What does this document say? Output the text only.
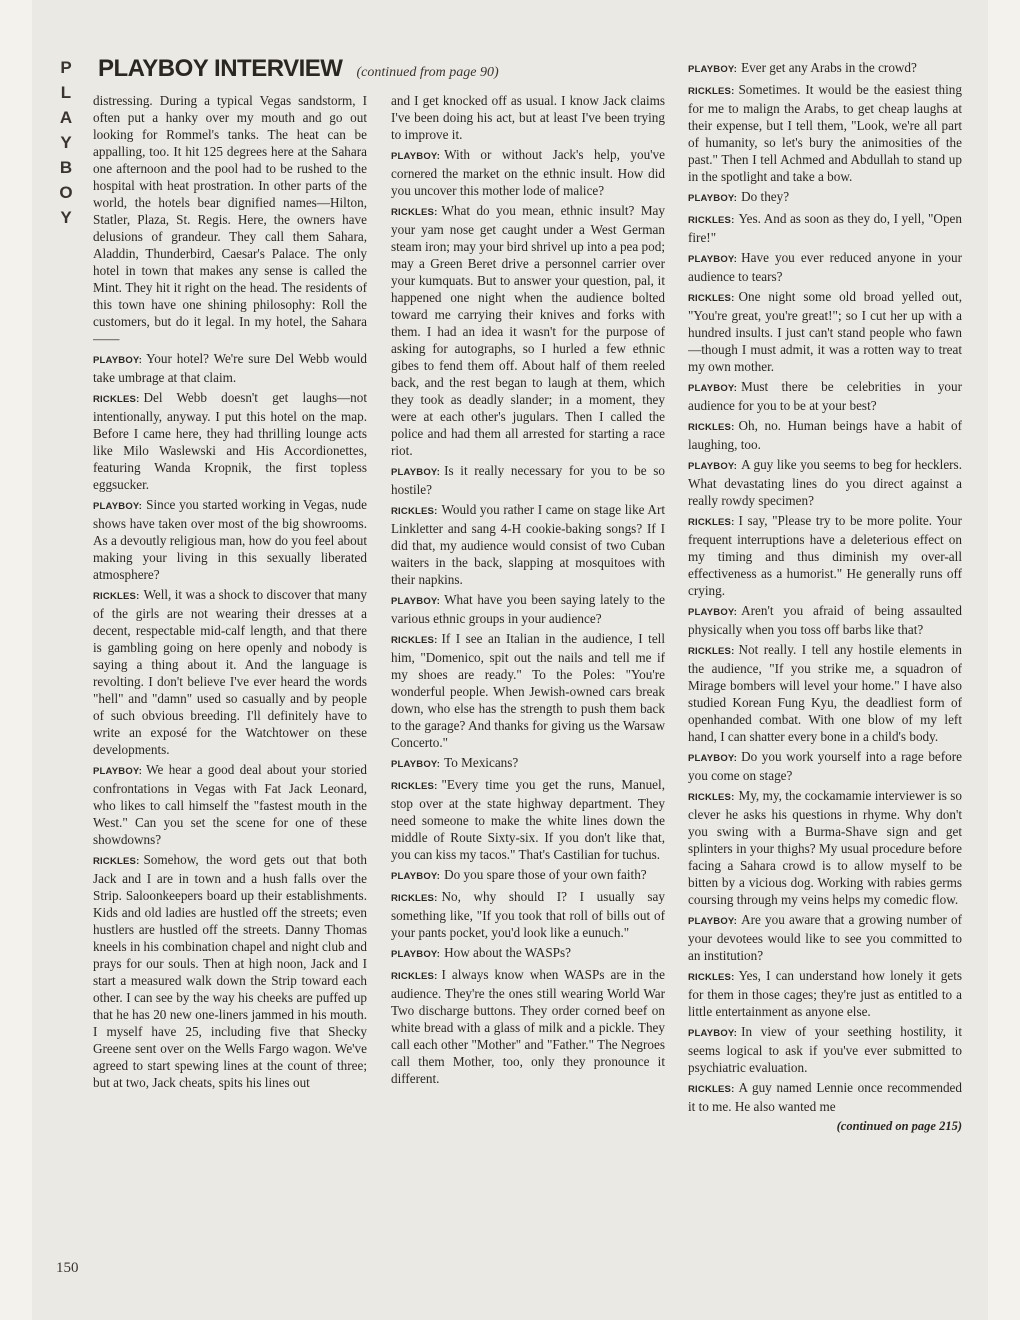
P
L
A
Y
B
O
Y
PLAYBOY INTERVIEW (continued from page 90)

distressing. During a typical Vegas sandstorm, I often put a hanky over my mouth and go out looking for Rommel's tanks. The heat can be appalling, too. It hit 125 degrees here at the Sahara one afternoon and the pool had to be rushed to the hospital with heat prostration. In other parts of the world, the hotels bear dignified names—Hilton, Statler, Plaza, St. Regis. Here, the owners have delusions of grandeur. They call them Sahara, Aladdin, Thunderbird, Caesar's Palace. The only hotel in town that makes any sense is called the Mint. They hit it right on the head. The residents of this town have one shining philosophy: Roll the customers, but do it legal. In my hotel, the Sahara——

PLAYBOY: Your hotel? We're sure Del Webb would take umbrage at that claim.

RICKLES: Del Webb doesn't get laughs—not intentionally, anyway. I put this hotel on the map. Before I came here, they had thrilling lounge acts like Milo Waslewski and His Accordionettes, featuring Wanda Kropnik, the first topless eggsucker.

PLAYBOY: Since you started working in Vegas, nude shows have taken over most of the big showrooms. As a devoutly religious man, how do you feel about making your living in this sexually liberated atmosphere?

RICKLES: Well, it was a shock to discover that many of the girls are not wearing their dresses at a decent, respectable mid-calf length, and that there is gambling going on here openly and nobody is saying a thing about it. And the language is revolting. I don't believe I've ever heard the words "hell" and "damn" used so casually and by people of such obvious breeding. I'll definitely have to write an exposé for the Watchtower on these developments.

PLAYBOY: We hear a good deal about your storied confrontations in Vegas with Fat Jack Leonard, who likes to call himself the "fastest mouth in the West." Can you set the scene for one of these showdowns?

RICKLES: Somehow, the word gets out that both Jack and I are in town and a hush falls over the Strip. Saloonkeepers board up their establishments. Kids and old ladies are hustled off the streets; even hustlers are hustled off the streets. Danny Thomas kneels in his combination chapel and night club and prays for our souls. Then at high noon, Jack and I start a measured walk down the Strip toward each other. I can see by the way his cheeks are puffed up that he has 20 new one-liners jammed in his mouth. I myself have 25, including five that Shecky Greene sent over on the Wells Fargo wagon. We've agreed to start spewing lines at the count of three; but at two, Jack cheats, spits his lines out

and I get knocked off as usual. I know Jack claims I've been doing his act, but at least I've been trying to improve it.

PLAYBOY: With or without Jack's help, you've cornered the market on the ethnic insult. How did you uncover this mother lode of malice?

RICKLES: What do you mean, ethnic insult? May your yam nose get caught under a West German steam iron; may your bird shrivel up into a pea pod; may a Green Beret drive a personnel carrier over your kumquats. But to answer your question, pal, it happened one night when the audience bolted toward me carrying their knives and forks with them. I had an idea it wasn't for the purpose of asking for autographs, so I hurled a few ethnic gibes to fend them off. About half of them reeled back, and the rest began to laugh at them, which they took as deadly slander; in a moment, they were at each other's jugulars. Then I called the police and had them all arrested for starting a race riot.

PLAYBOY: Is it really necessary for you to be so hostile?

RICKLES: Would you rather I came on stage like Art Linkletter and sang 4-H cookie-baking songs? If I did that, my audience would consist of two Cuban waiters in the back, slapping at mosquitoes with their napkins.

PLAYBOY: What have you been saying lately to the various ethnic groups in your audience?

RICKLES: If I see an Italian in the audience, I tell him, "Domenico, spit out the nails and tell me if my shoes are ready." To the Poles: "You're wonderful people. When Jewish-owned cars break down, who else has the strength to push them back to the garage? And thanks for giving us the Warsaw Concerto."

PLAYBOY: To Mexicans?

RICKLES: "Every time you get the runs, Manuel, stop over at the state highway department. They need someone to make the white lines down the middle of Route Sixty-six. If you don't like that, you can kiss my tacos." That's Castilian for tuchus.

PLAYBOY: Do you spare those of your own faith?

RICKLES: No, why should I? I usually say something like, "If you took that roll of bills out of your pants pocket, you'd look like a eunuch."

PLAYBOY: How about the WASPs?

RICKLES: I always know when WASPs are in the audience. They're the ones still wearing World War Two discharge buttons. They order corned beef on white bread with a glass of milk and a pickle. They call each other "Mother" and "Father." The Negroes call them Mother, too, only they pronounce it different.

PLAYBOY: Ever get any Arabs in the crowd?

RICKLES: Sometimes. It would be the easiest thing for me to malign the Arabs, to get cheap laughs at their expense, but I tell them, "Look, we're all part of humanity, so let's bury the animosities of the past." Then I tell Achmed and Abdullah to stand up in the spotlight and take a bow.

PLAYBOY: Do they?

RICKLES: Yes. And as soon as they do, I yell, "Open fire!"

PLAYBOY: Have you ever reduced anyone in your audience to tears?

RICKLES: One night some old broad yelled out, "You're great, you're great!"; so I cut her up with a hundred insults. I just can't stand people who fawn—though I must admit, it was a rotten way to treat my own mother.

PLAYBOY: Must there be celebrities in your audience for you to be at your best?

RICKLES: Oh, no. Human beings have a habit of laughing, too.

PLAYBOY: A guy like you seems to beg for hecklers. What devastating lines do you direct against a really rowdy specimen?

RICKLES: I say, "Please try to be more polite. Your frequent interruptions have a deleterious effect on my timing and thus diminish my over-all effectiveness as a humorist." He generally runs off crying.

PLAYBOY: Aren't you afraid of being assaulted physically when you toss off barbs like that?

RICKLES: Not really. I tell any hostile elements in the audience, "If you strike me, a squadron of Mirage bombers will level your home." I have also studied Korean Fung Kyu, the deadliest form of openhanded combat. With one blow of my left hand, I can shatter every bone in a child's body.

PLAYBOY: Do you work yourself into a rage before you come on stage?

RICKLES: My, my, the cockamamie interviewer is so clever he asks his questions in rhyme. Why don't you swing with a Burma-Shave sign and get splinters in your thighs? My usual procedure before facing a Sahara crowd is to allow myself to be bitten by a vicious dog. Working with rabies germs coursing through my veins helps my comedic flow.

PLAYBOY: Are you aware that a growing number of your devotees would like to see you committed to an institution?

RICKLES: Yes, I can understand how lonely it gets for them in those cages; they're just as entitled to a little entertainment as anyone else.

PLAYBOY: In view of your seething hostility, it seems logical to ask if you've ever submitted to psychiatric evaluation.

RICKLES: A guy named Lennie once recommended it to me. He also wanted me

(continued on page 215)

150
